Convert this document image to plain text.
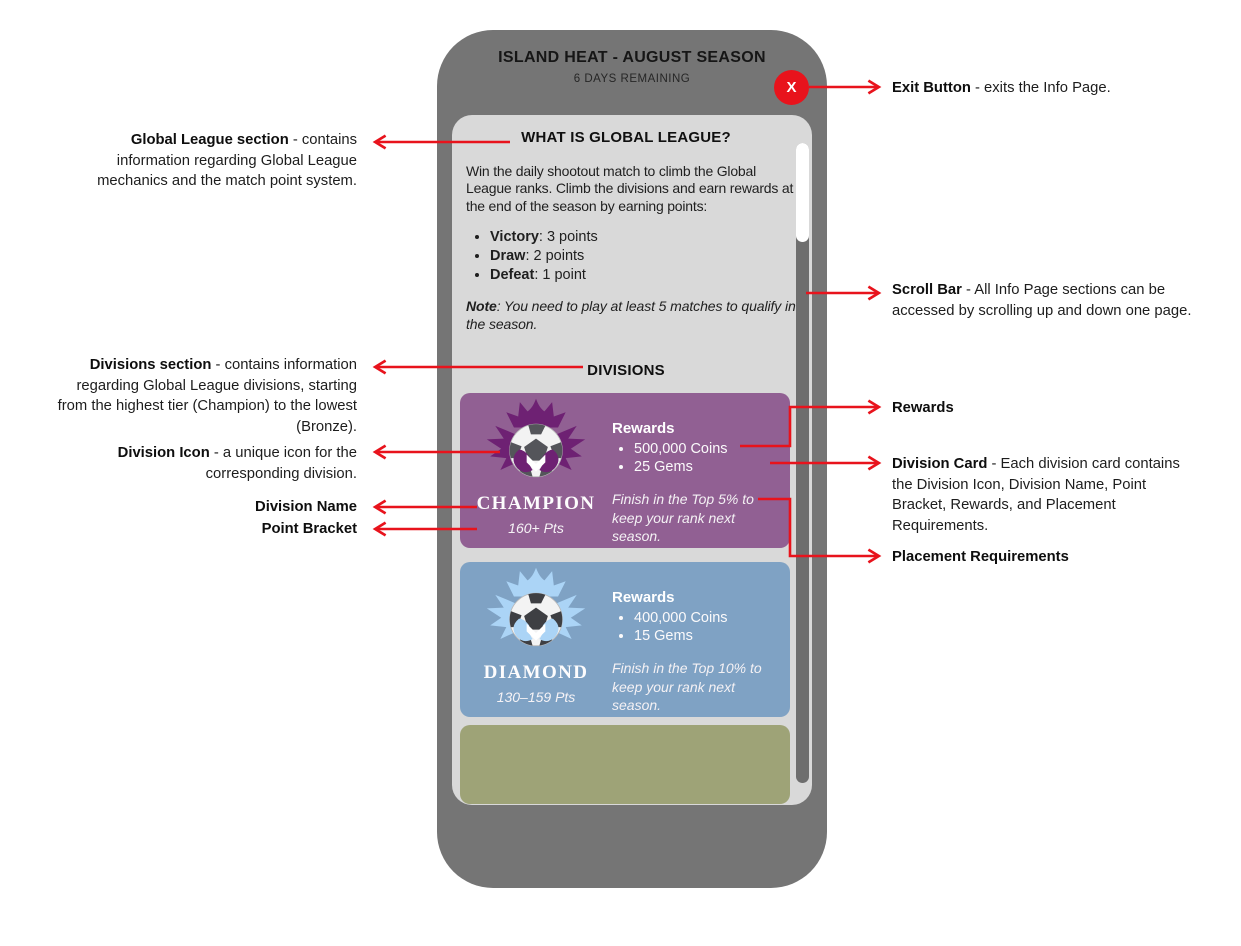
ISLAND HEAT - AUGUST SEASON
6 DAYS REMAINING	X
WHAT IS GLOBAL LEAGUE?

Win the daily shootout match to climb the Global League ranks. Climb the divisions and earn rewards at the end of the season by earning points:

• Victory: 3 points
• Draw: 2 points
• Defeat: 1 point

Note: You need to play at least 5 matches to qualify in the season.

DIVISIONS
CHAMPION
160+ Pts
Rewards
• 500,000 Coins
• 25 Gems
Finish in the Top 5% to keep your rank next season.
DIAMOND
130–159 Pts
Rewards
• 400,000 Coins
• 15 Gems
Finish in the Top 10% to keep your rank next season.
Global League section - contains information regarding Global League mechanics and the match point system.
Divisions section - contains information regarding Global League divisions, starting from the highest tier (Champion) to the lowest (Bronze).
Division Icon - a unique icon for the corresponding division.
Division Name
Point Bracket
Exit Button - exits the Info Page.
Scroll Bar - All Info Page sections can be accessed by scrolling up and down one page.
Rewards
Division Card - Each division card contains the Division Icon, Division Name, Point Bracket, Rewards, and Placement Requirements.
Placement Requirements
